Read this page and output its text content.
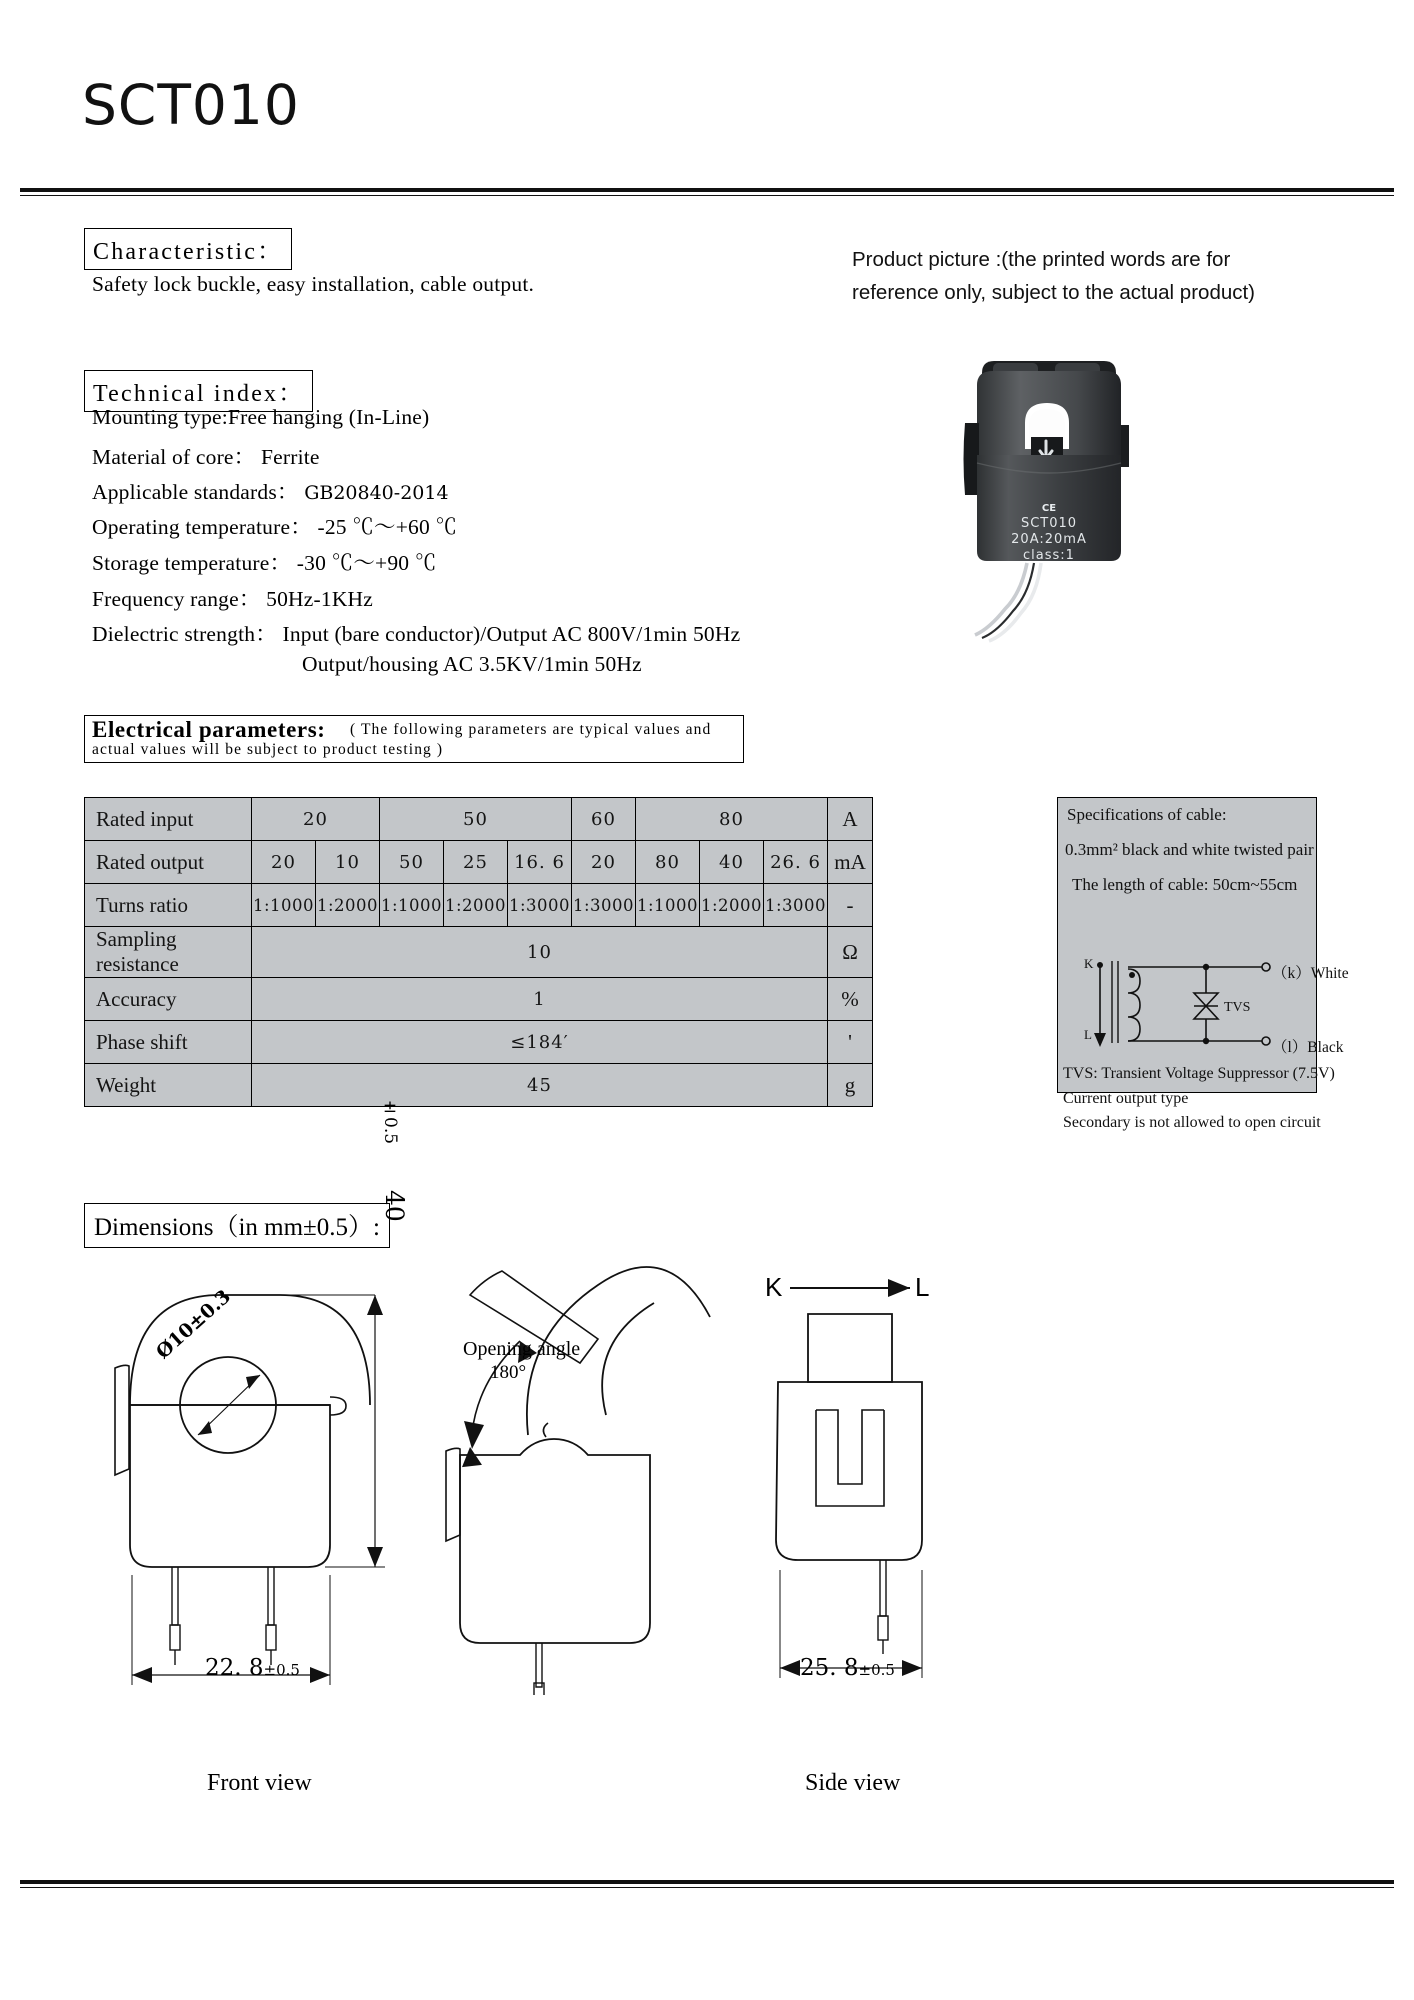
SCT010
Characteristic：
Safety lock buckle, easy installation, cable output.
Product picture :(the printed words are for
reference only, subject to the actual product)
CE
SCT010
20A:20mA
class:1
Technical index：
Mounting type:Free hanging (In-Line)
Material of core： Ferrite
Applicable standards： GB20840-2014
Operating temperature： -25 ℃～+60 ℃
Storage temperature： -30 ℃～+90 ℃
Frequency range： 50Hz-1KHz
Dielectric strength： Input (bare conductor)/Output AC 800V/1min 50Hz
Output/housing AC 3.5KV/1min 50Hz
Electrical parameters: ( The following parameters are typical values and
actual values will be subject to product testing )
Rated input	20		50			60	80			A
Rated output	20	10	50	25	16. 6	20	80	40	26. 6	mA
Turns ratio	1:1000	1:2000	1:1000	1:2000	1:3000	1:3000	1:1000	1:2000	1:3000	-
Sampling resistance	10									Ω
Accuracy	1									%
Phase shift	≤184′									'
Weight	45									g
Specifications of cable:
0.3mm² black and white twisted pair
The length of cable: 50cm~55cm
K
L
TVS
（k）White
（l）Black
TVS: Transient Voltage Suppressor (7.5V)
Current output type
Secondary is not allowed to open circuit
Dimensions（in mm±0.5）:
Ø10±0.3
40
±0.5
22. 8±0.5
Front view
Opening angle
180°
K	L
25. 8±0.5
Side view
